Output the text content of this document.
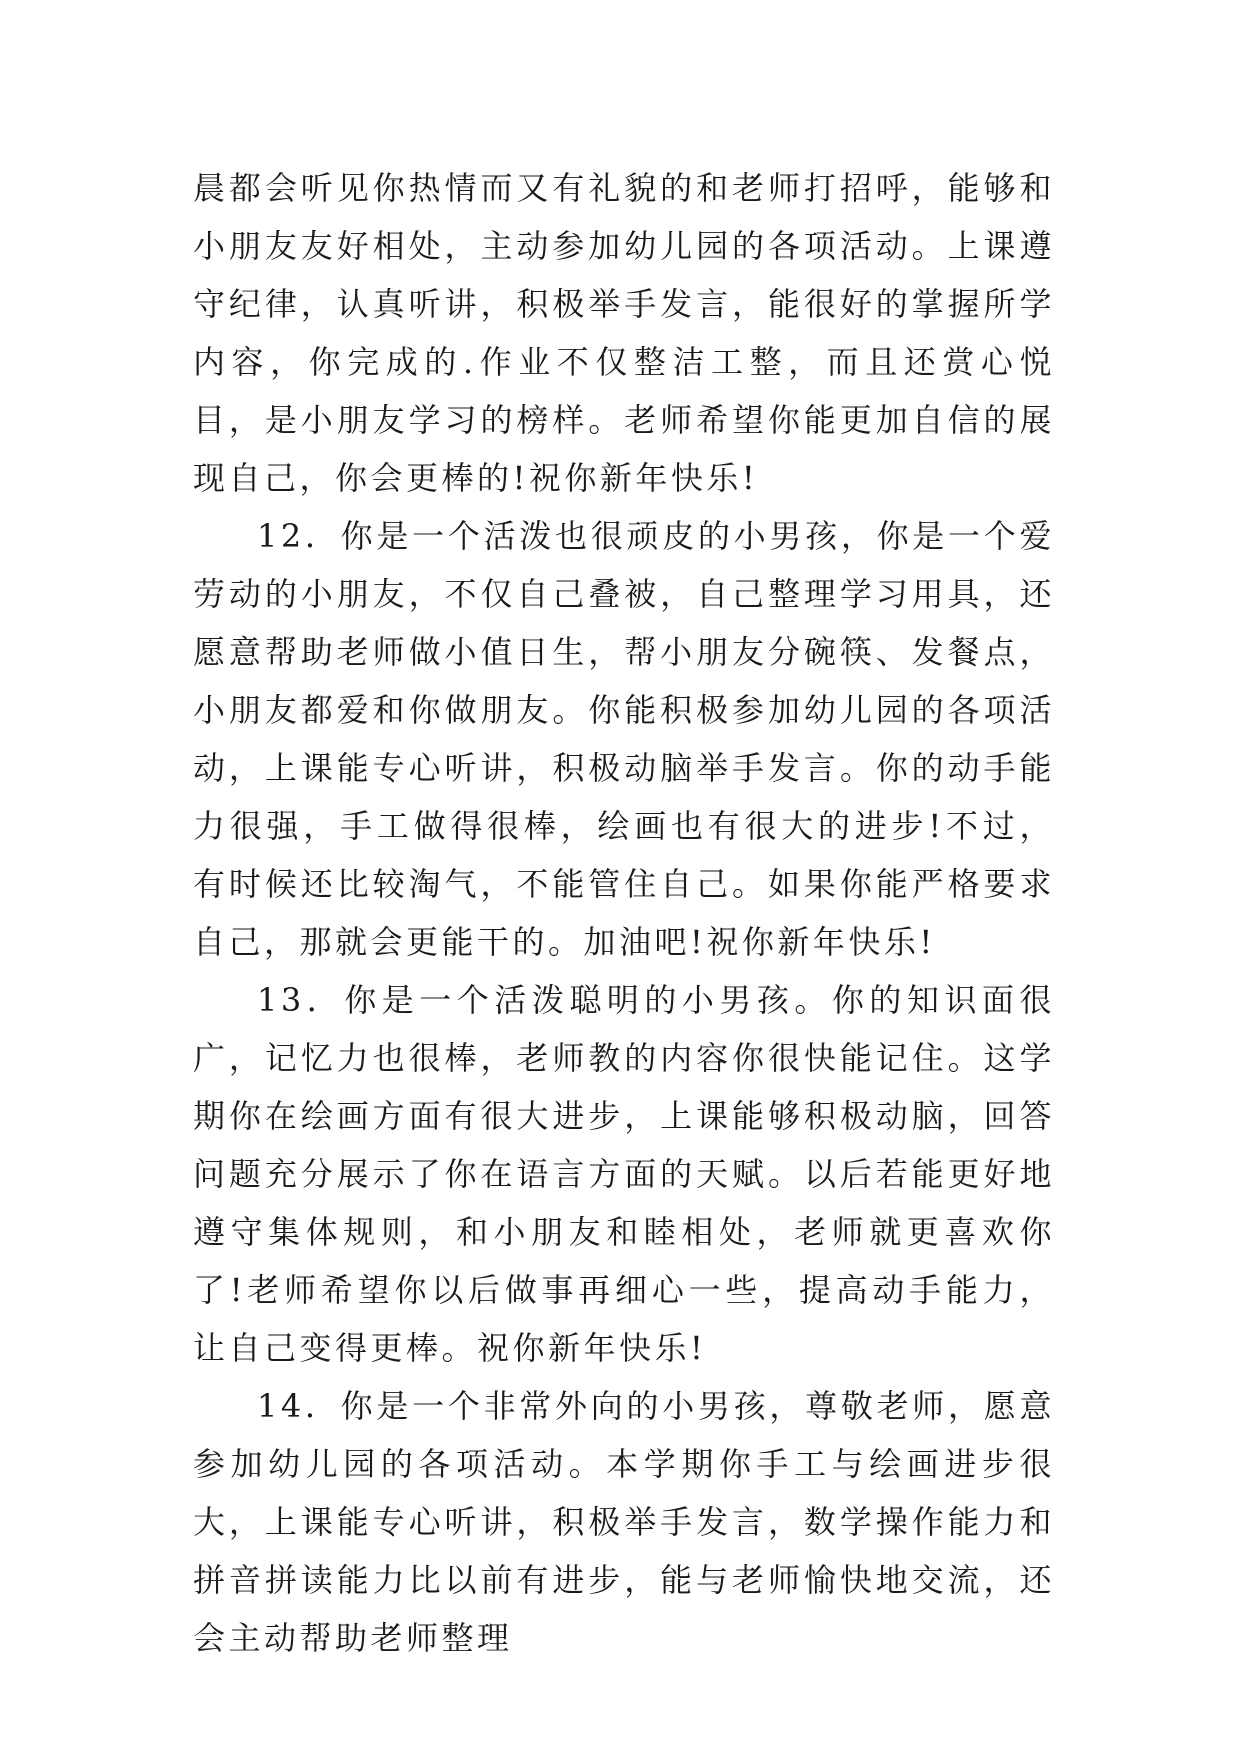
晨都会听见你热情而又有礼貌的和老师打招呼，能够和小朋友友好相处，主动参加幼儿园的各项活动。上课遵守纪律，认真听讲，积极举手发言，能很好的掌握所学内容，你完成的.作业不仅整洁工整，而且还赏心悦目，是小朋友学习的榜样。老师希望你能更加自信的展现自己，你会更棒的!祝你新年快乐!

12．你是一个活泼也很顽皮的小男孩，你是一个爱劳动的小朋友，不仅自己叠被，自己整理学习用具，还愿意帮助老师做小值日生，帮小朋友分碗筷、发餐点，小朋友都爱和你做朋友。你能积极参加幼儿园的各项活动，上课能专心听讲，积极动脑举手发言。你的动手能力很强，手工做得很棒，绘画也有很大的进步!不过，有时候还比较淘气，不能管住自己。如果你能严格要求自己，那就会更能干的。加油吧!祝你新年快乐!

13．你是一个活泼聪明的小男孩。你的知识面很广，记忆力也很棒，老师教的内容你很快能记住。这学期你在绘画方面有很大进步，上课能够积极动脑，回答问题充分展示了你在语言方面的天赋。以后若能更好地遵守集体规则，和小朋友和睦相处，老师就更喜欢你了!老师希望你以后做事再细心一些，提高动手能力，让自己变得更棒。祝你新年快乐!

14．你是一个非常外向的小男孩，尊敬老师，愿意参加幼儿园的各项活动。本学期你手工与绘画进步很大，上课能专心听讲，积极举手发言，数学操作能力和拼音拼读能力比以前有进步，能与老师愉快地交流，还会主动帮助老师整理
